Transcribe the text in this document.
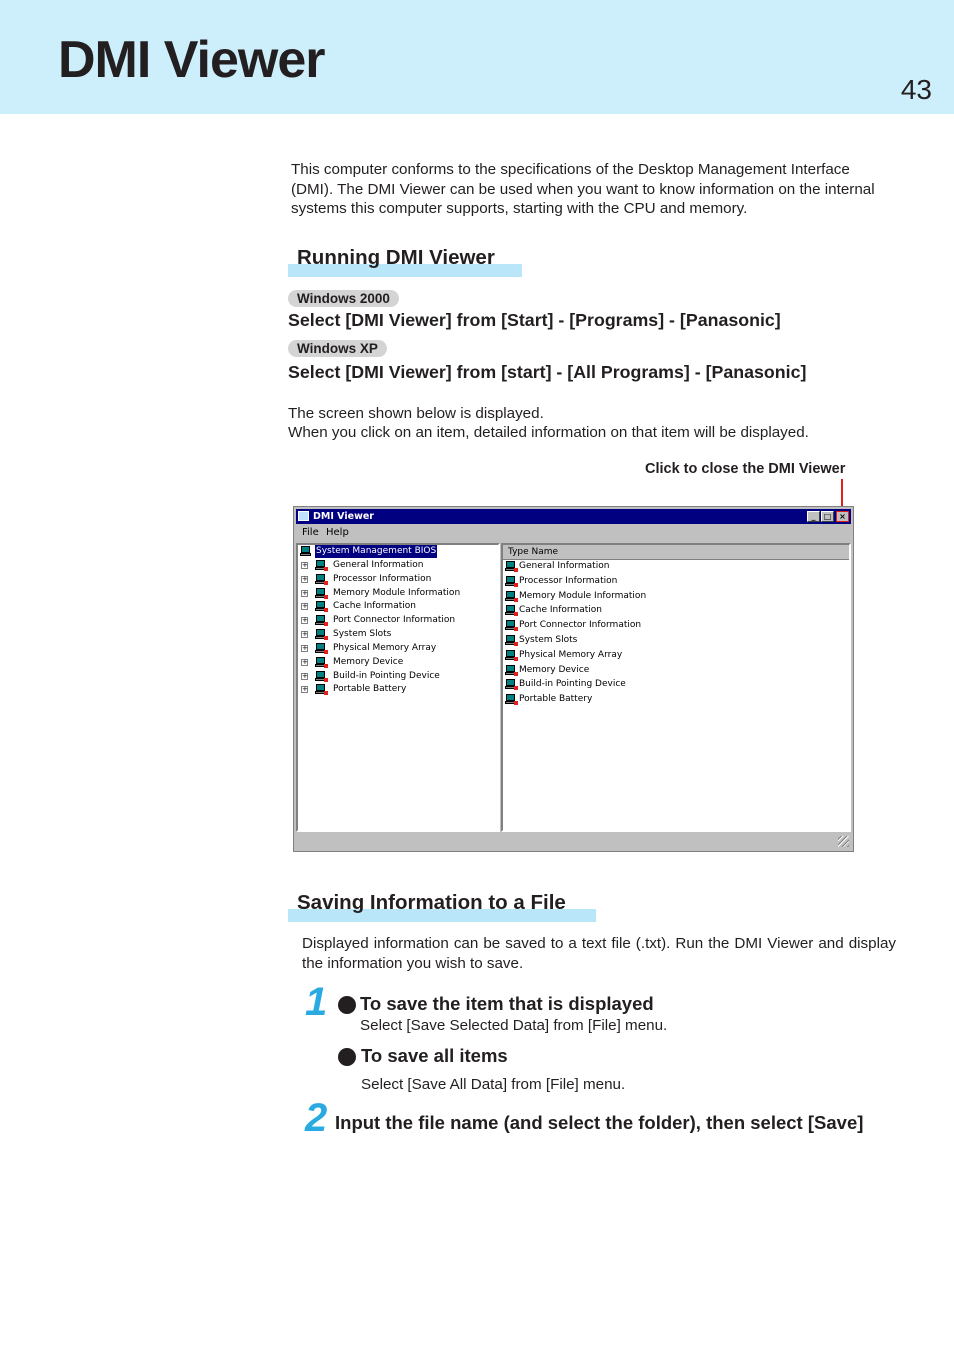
DMI Viewer
43

This computer conforms to the specifications of the Desktop Management Interface (DMI). The DMI Viewer can be used when you want to know information on the internal systems this computer supports, starting with the CPU and memory.

Running DMI Viewer
Windows 2000
Select [DMI Viewer] from [Start] - [Programs] - [Panasonic]
Windows XP
Select [DMI Viewer] from [start] - [All Programs] - [Panasonic]

The screen shown below is displayed.

When you click on an item, detailed information on that item will be displayed.

Click to close the DMI Viewer
DMI Viewer	_	□ ×
File Help
System Management BIOS
+	General Information
+	Processor Information
+	Memory Module Information
+	Cache Information
+	Port Connector Information
+	System Slots
+	Physical Memory Array
+	Memory Device
+	Build-in Pointing Device
+	Portable Battery
Type Name
General Information
Processor Information
Memory Module Information
Cache Information
Port Connector Information
System Slots
Physical Memory Array
Memory Device
Build-in Pointing Device
Portable Battery
Saving Information to a File

Displayed information can be saved to a text file (.txt). Run the DMI Viewer and display the information you wish to save.

1 To save the item that is displayed

Select [Save Selected Data] from [File] menu.

To save all items

Select [Save All Data] from [File] menu.

2 Input the file name (and select the folder), then select [Save]
